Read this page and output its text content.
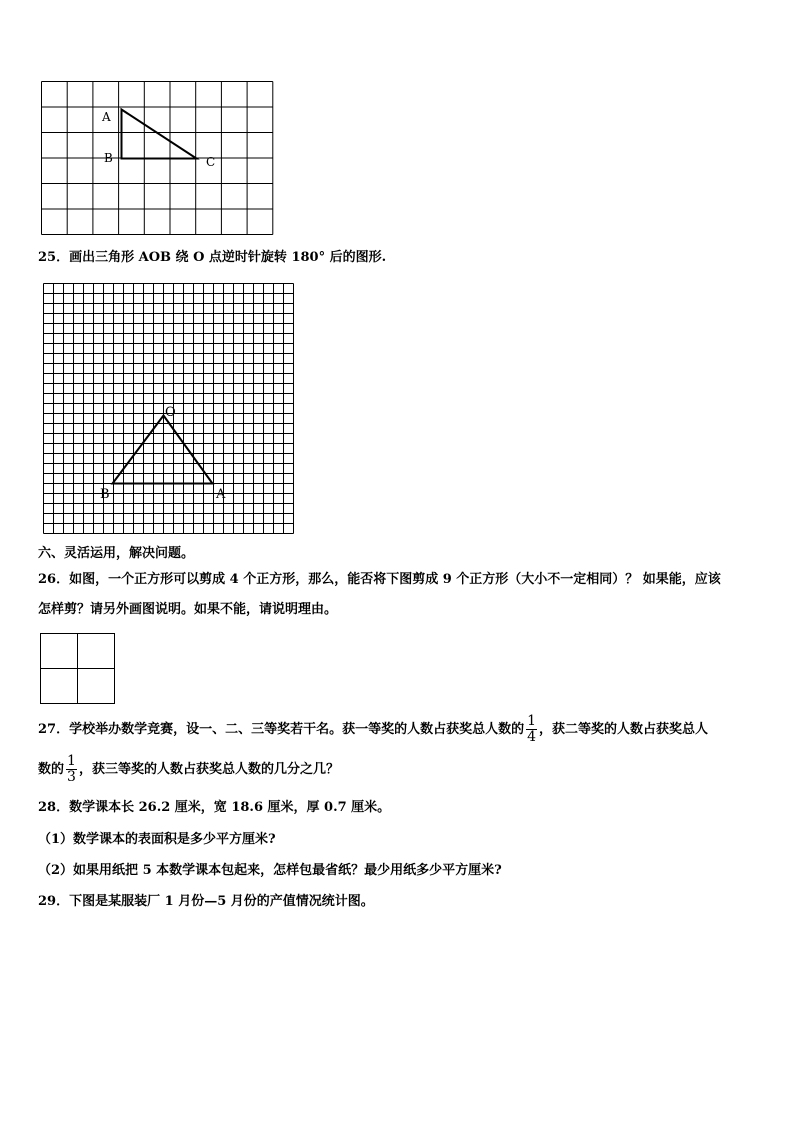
A
B	C
25．画出三角形 AOB 绕 O 点逆时针旋转 180° 后的图形.
O
B	A
六、灵活运用，解决问题。
26．如图，一个正方形可以剪成 4 个正方形，那么，能否将下图剪成 9 个正方形（大小不一定相同）？ 如果能，应该
怎样剪？请另外画图说明。如果不能，请说明理由。
27．学校举办数学竞赛，设一、二、三等奖若干名。获一等奖的人数占获奖总人数的 $\frac{1}{4}$ ，获二等奖的人数占获奖总人
数的 $\frac{1}{3}$ ，获三等奖的人数占获奖总人数的几分之几？
28．数学课本长 26.2 厘米，宽 18.6 厘米，厚 0.7 厘米。
（1）数学课本的表面积是多少平方厘米?
（2）如果用纸把 5 本数学课本包起来，怎样包最省纸？最少用纸多少平方厘米?
29．下图是某服装厂 1 月份—5 月份的产值情况统计图。
